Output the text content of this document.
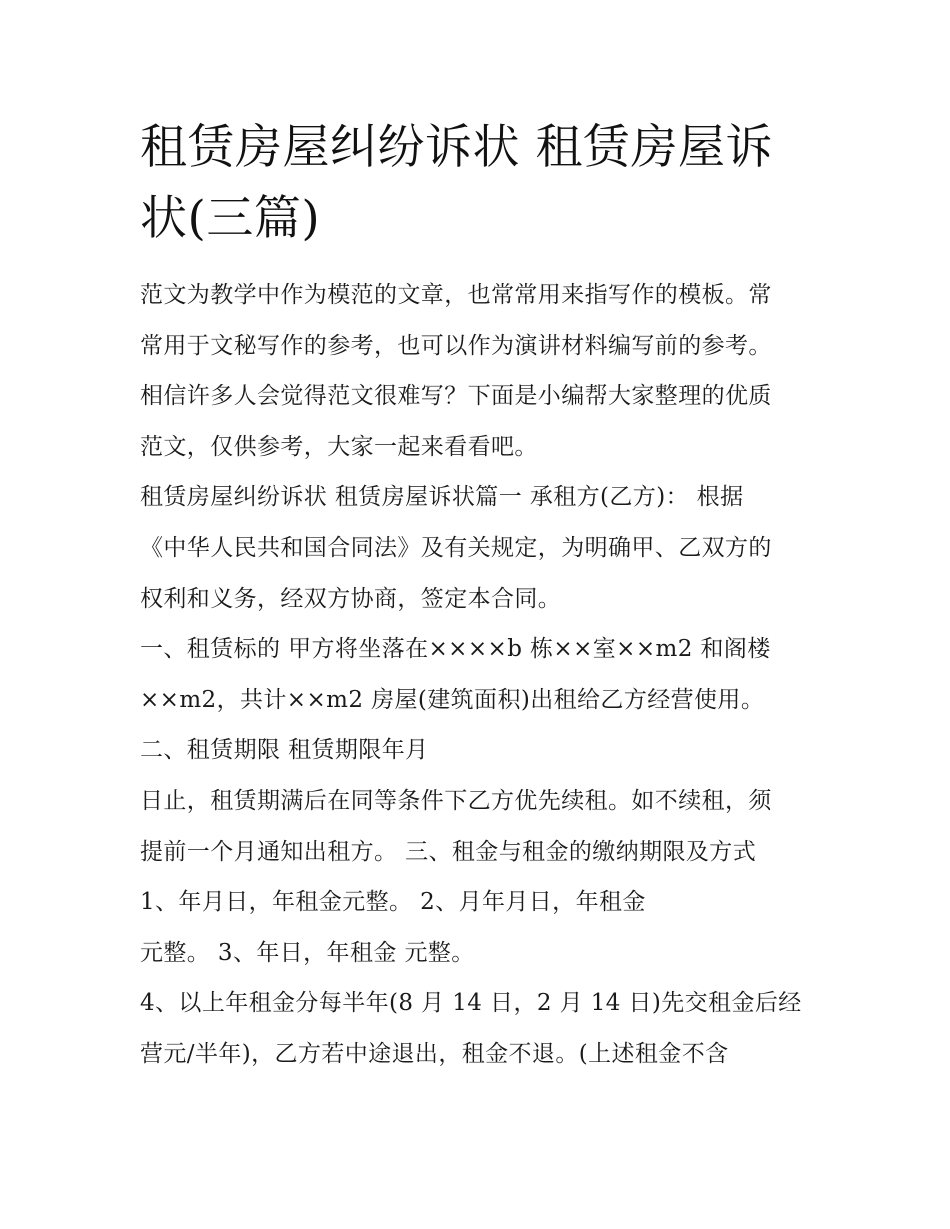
租赁房屋纠纷诉状 租赁房屋诉
状(三篇)
范文为教学中作为模范的文章，也常常用来指写作的模板。常
常用于文秘写作的参考，也可以作为演讲材料编写前的参考。
相信许多人会觉得范文很难写？下面是小编帮大家整理的优质
范文，仅供参考，大家一起来看看吧。
租赁房屋纠纷诉状 租赁房屋诉状篇一 承租方(乙方)： 根据
《中华人民共和国合同法》及有关规定，为明确甲、乙双方的
权利和义务，经双方协商，签定本合同。
一、租赁标的 甲方将坐落在××××b 栋××室××m2 和阁楼
××m2，共计××m2 房屋(建筑面积)出租给乙方经营使用。
二、租赁期限 租赁期限年月
日止，租赁期满后在同等条件下乙方优先续租。如不续租，须
提前一个月通知出租方。 三、租金与租金的缴纳期限及方式
1、年月日，年租金元整。 2、月年月日，年租金
元整。 3、年日，年租金 元整。
4、以上年租金分每半年(8 月 14 日，2 月 14 日)先交租金后经
营元/半年)，乙方若中途退出，租金不退。(上述租金不含
